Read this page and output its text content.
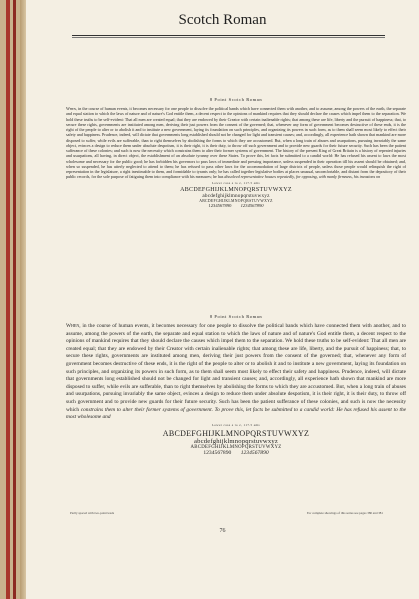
Scotch Roman
8 Point Scotch Roman
When, in the course of human events, it becomes necessary for one people to dissolve the political bands which have connected them with another, and to assume, among the powers of the earth, the separate and equal station to which the laws of nature and of nature's God entitle them, a decent respect to the opinions of mankind requires that they should declare the causes which impel them to the separation. We hold these truths to be self-evident: That all men are created equal; that they are endowed by their Creator with certain inalienable rights; that among these are life, liberty and the pursuit of happiness; that, to secure these rights, governments are instituted among men, deriving their just powers from the consent of the governed; that, whenever any form of government becomes destructive of these ends, it is the right of the people to alter or to abolish it and to institute a new government, laying its foundation on such principles, and organizing its powers in such form, as to them shall seem most likely to effect their safety and happiness. Prudence, indeed, will dictate that governments long established should not be changed for light and transient causes; and, accordingly, all experience hath shown that mankind are more disposed to suffer, while evils are sufferable, than to right themselves by abolishing the forms to which they are accustomed. But, when a long train of abuses and usurpations, pursuing invariably the same object, evinces a design to reduce them under absolute despotism, it is their right, it is their duty, to throw off such government and to provide new guards for their future security. Such has been the patient sufferance of these colonies; and such is now the necessity which constrains them to alter their former systems of government. The history of the present King of Great Britain is a history of repeated injuries and usurpations, all having, in direct object, the establishment of an absolute tyranny over these States. To prove this, let facts be submitted to a candid world: He has refused his assent to laws the most wholesome and necessary for the public good; he has forbidden his governors to pass laws of immediate and pressing importance, unless suspended in their operation till his assent should be obtained; and, when so suspended, he has utterly neglected to attend to them; he has refused to pass other laws for the accommodation of large districts of people, unless those people would relinquish the right of representation in the legislature, a right inestimable to them, and formidable to tyrants only; he has called together legislative bodies at places unusual, uncomfortable, and distant from the depository of their public records, for the sole purpose of fatiguing them into compliance with his measures; he has dissolved representative houses repeatedly, for opposing, with manly firmness, his invasions on
Lower case a to z, 117.5 ems
ABCDEFGHIJKLMNOPQRSTUVWXYZ
abcdefghijklmnopqrstuvwxyz
ABCDEFGHIJKLMNOPQRSTUVWXYZ
1234567890 1234567890
8 Point Scotch Roman
When, in the course of human events, it becomes necessary for one people to dissolve the political bands which have connected them with another, and to assume, among the powers of the earth, the separate and equal station to which the laws of nature and of nature's God entitle them, a decent respect to the opinions of mankind requires that they should declare the causes which impel them to the separation. We hold these truths to be self-evident: That all men are created equal; that they are endowed by their Creator with certain inalienable rights; that among these are life, liberty, and the pursuit of happiness; that, to secure these rights, governments are instituted among men, deriving their just powers from the consent of the governed; that, whenever any form of government becomes destructive of these ends, it is the right of the people to alter or to abolish it and to institute a new government, laying its foundation on such principles, and organizing its powers in such form, as to them shall seem most likely to effect their safety and happiness. Prudence, indeed, will dictate that governments long established should not be changed for light and transient causes; and, accordingly, all experience hath shown that mankind are more disposed to suffer, while evils are sufferable, than to right themselves by abolishing the forms to which they are accustomed. But, when a long train of abuses and usurpations, pursuing invariably the same object, evinces a design to reduce them under absolute despotism, it is their right, it is their duty, to throw off such government and to provide new guards for their future security. Such has been the patient sufferance of these colonies, and such is now the necessity which constrains them to alter their former systems of government. To prove this, let facts be submitted to a candid world: He has refused his assent to the most wholesome and
Lower case a to z, 117.5 ems
ABCDEFGHIJKLMNOPQRSTUVWXYZ
abcdefghijklmnopqrstuvwxyz
ABCDEFGHIJKLMNOPQRSTUVWXYZ
1234567890 1234567890
Partly spaced with two-point leads	For complete showings of this series see pages 380 and 381
76
